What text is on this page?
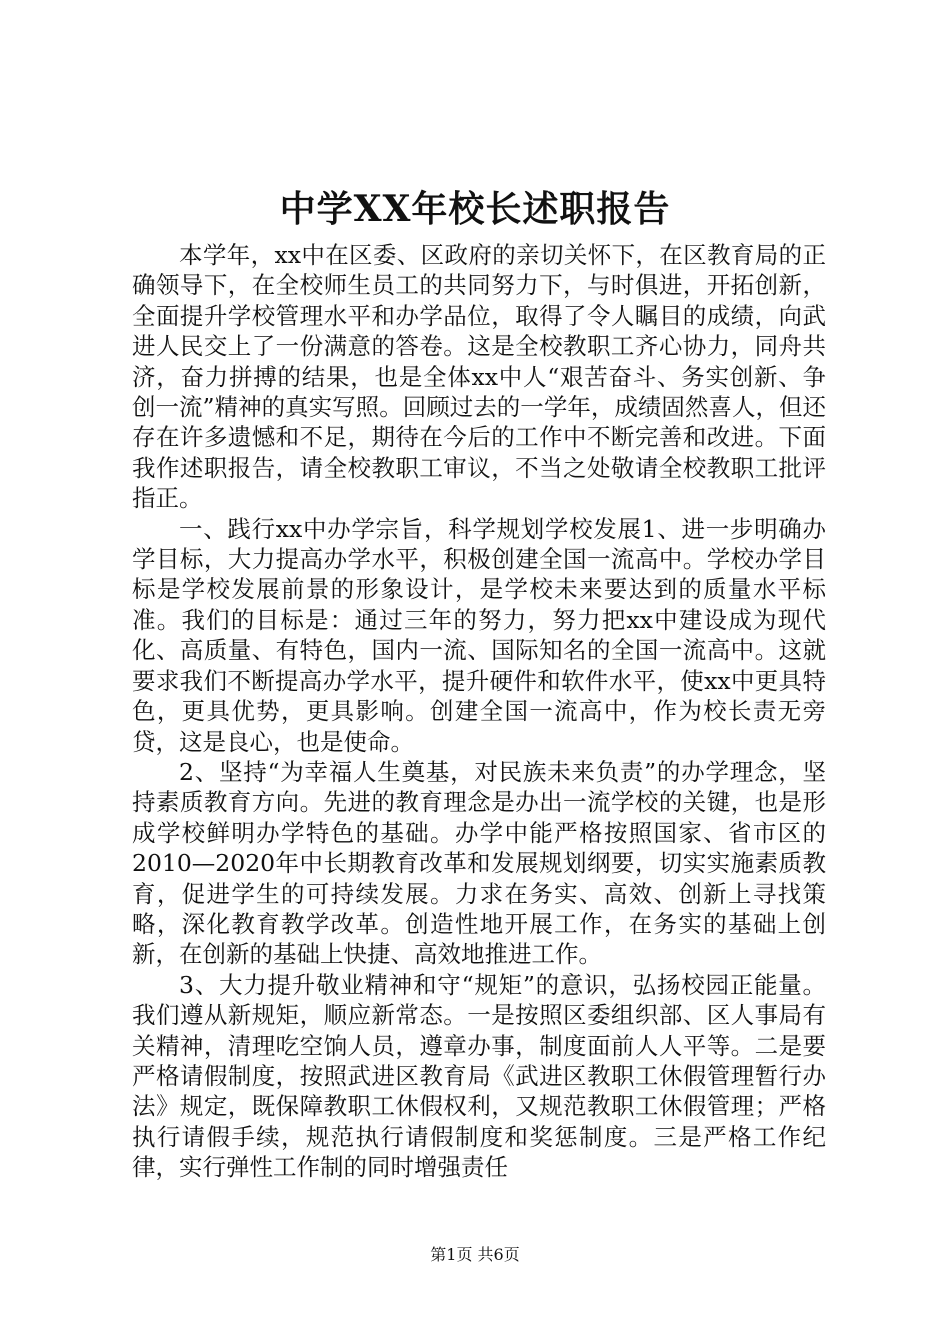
中学XX年校长述职报告

本学年，xx中在区委、区政府的亲切关怀下，在区教育局的正确领导下，在全校师生员工的共同努力下，与时俱进，开拓创新，全面提升学校管理水平和办学品位，取得了令人瞩目的成绩，向武进人民交上了一份满意的答卷。这是全校教职工齐心协力，同舟共济，奋力拼搏的结果，也是全体xx中人“艰苦奋斗、务实创新、争创一流”精神的真实写照。回顾过去的一学年，成绩固然喜人，但还存在许多遗憾和不足，期待在今后的工作中不断完善和改进。下面我作述职报告，请全校教职工审议，不当之处敬请全校教职工批评指正。

一、践行xx中办学宗旨，科学规划学校发展1、进一步明确办学目标，大力提高办学水平，积极创建全国一流高中。学校办学目标是学校发展前景的形象设计，是学校未来要达到的质量水平标准。我们的目标是：通过三年的努力，努力把xx中建设成为现代化、高质量、有特色，国内一流、国际知名的全国一流高中。这就要求我们不断提高办学水平，提升硬件和软件水平，使xx中更具特色，更具优势，更具影响。创建全国一流高中，作为校长责无旁贷，这是良心，也是使命。

2、坚持“为幸福人生奠基，对民族未来负责”的办学理念，坚持素质教育方向。先进的教育理念是办出一流学校的关键，也是形成学校鲜明办学特色的基础。办学中能严格按照国家、省市区的2010—2020年中长期教育改革和发展规划纲要，切实实施素质教育，促进学生的可持续发展。力求在务实、高效、创新上寻找策略，深化教育教学改革。创造性地开展工作，在务实的基础上创新，在创新的基础上快捷、高效地推进工作。

3、大力提升敬业精神和守“规矩”的意识，弘扬校园正能量。我们遵从新规矩，顺应新常态。一是按照区委组织部、区人事局有关精神，清理吃空饷人员，遵章办事，制度面前人人平等。二是要严格请假制度，按照武进区教育局《武进区教职工休假管理暂行办法》规定，既保障教职工休假权利，又规范教职工休假管理；严格执行请假手续，规范执行请假制度和奖惩制度。三是严格工作纪律，实行弹性工作制的同时增强责任

第1页 共6页
